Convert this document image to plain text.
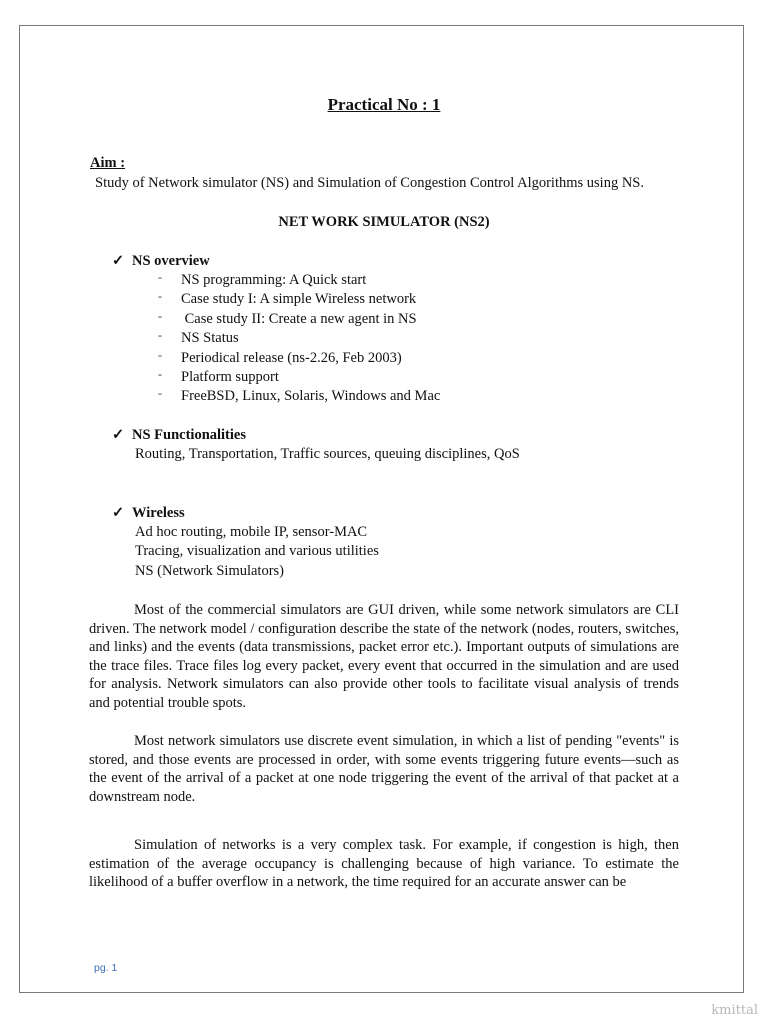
Practical No : 1
Aim :
Study of Network simulator (NS) and Simulation of Congestion Control Algorithms using NS.
NET WORK SIMULATOR (NS2)
✓ NS overview
- NS programming: A Quick start
- Case study I: A simple Wireless network
- Case study II: Create a new agent in NS
- NS Status
- Periodical release (ns-2.26, Feb 2003)
- Platform support
- FreeBSD, Linux, Solaris, Windows and Mac
✓ NS Functionalities
Routing, Transportation, Traffic sources, queuing disciplines, QoS
✓ Wireless
Ad hoc routing, mobile IP, sensor-MAC
Tracing, visualization and various utilities
NS (Network Simulators)
Most of the commercial simulators are GUI driven, while some network simulators are CLI driven. The network model / configuration describe the state of the network (nodes, routers, switches, and links) and the events (data transmissions, packet error etc.). Important outputs of simulations are the trace files. Trace files log every packet, every event that occurred in the simulation and are used for analysis. Network simulators can also provide other tools to facilitate visual analysis of trends and potential trouble spots.
Most network simulators use discrete event simulation, in which a list of pending "events" is stored, and those events are processed in order, with some events triggering future events—such as the event of the arrival of a packet at one node triggering the event of the arrival of that packet at a downstream node.
Simulation of networks is a very complex task. For example, if congestion is high, then estimation of the average occupancy is challenging because of high variance. To estimate the likelihood of a buffer overflow in a network, the time required for an accurate answer can be
pg. 1
kmittal
